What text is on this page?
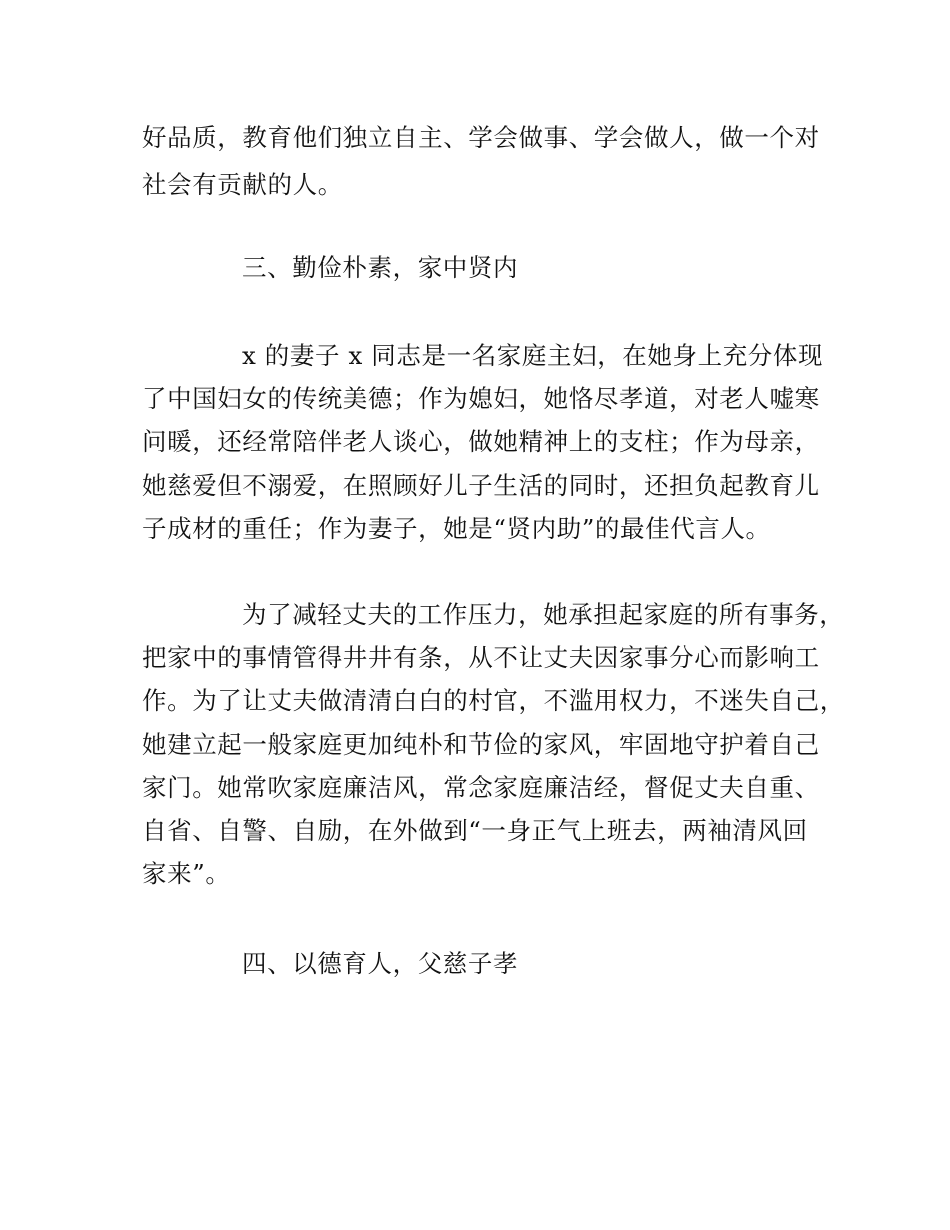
好品质，教育他们独立自主、学会做事、学会做人，做一个对
社会有贡献的人。
三、勤俭朴素，家中贤内
x 的妻子 x 同志是一名家庭主妇，在她身上充分体现
了中国妇女的传统美德；作为媳妇，她恪尽孝道，对老人嘘寒
问暖，还经常陪伴老人谈心，做她精神上的支柱；作为母亲，
她慈爱但不溺爱，在照顾好儿子生活的同时，还担负起教育儿
子成材的重任；作为妻子，她是“贤内助”的最佳代言人。
为了减轻丈夫的工作压力，她承担起家庭的所有事务，
把家中的事情管得井井有条，从不让丈夫因家事分心而影响工
作。为了让丈夫做清清白白的村官，不滥用权力，不迷失自己，
她建立起一般家庭更加纯朴和节俭的家风，牢固地守护着自己
家门。她常吹家庭廉洁风，常念家庭廉洁经，督促丈夫自重、
自省、自警、自励，在外做到“一身正气上班去，两袖清风回
家来”。
四、以德育人，父慈子孝
